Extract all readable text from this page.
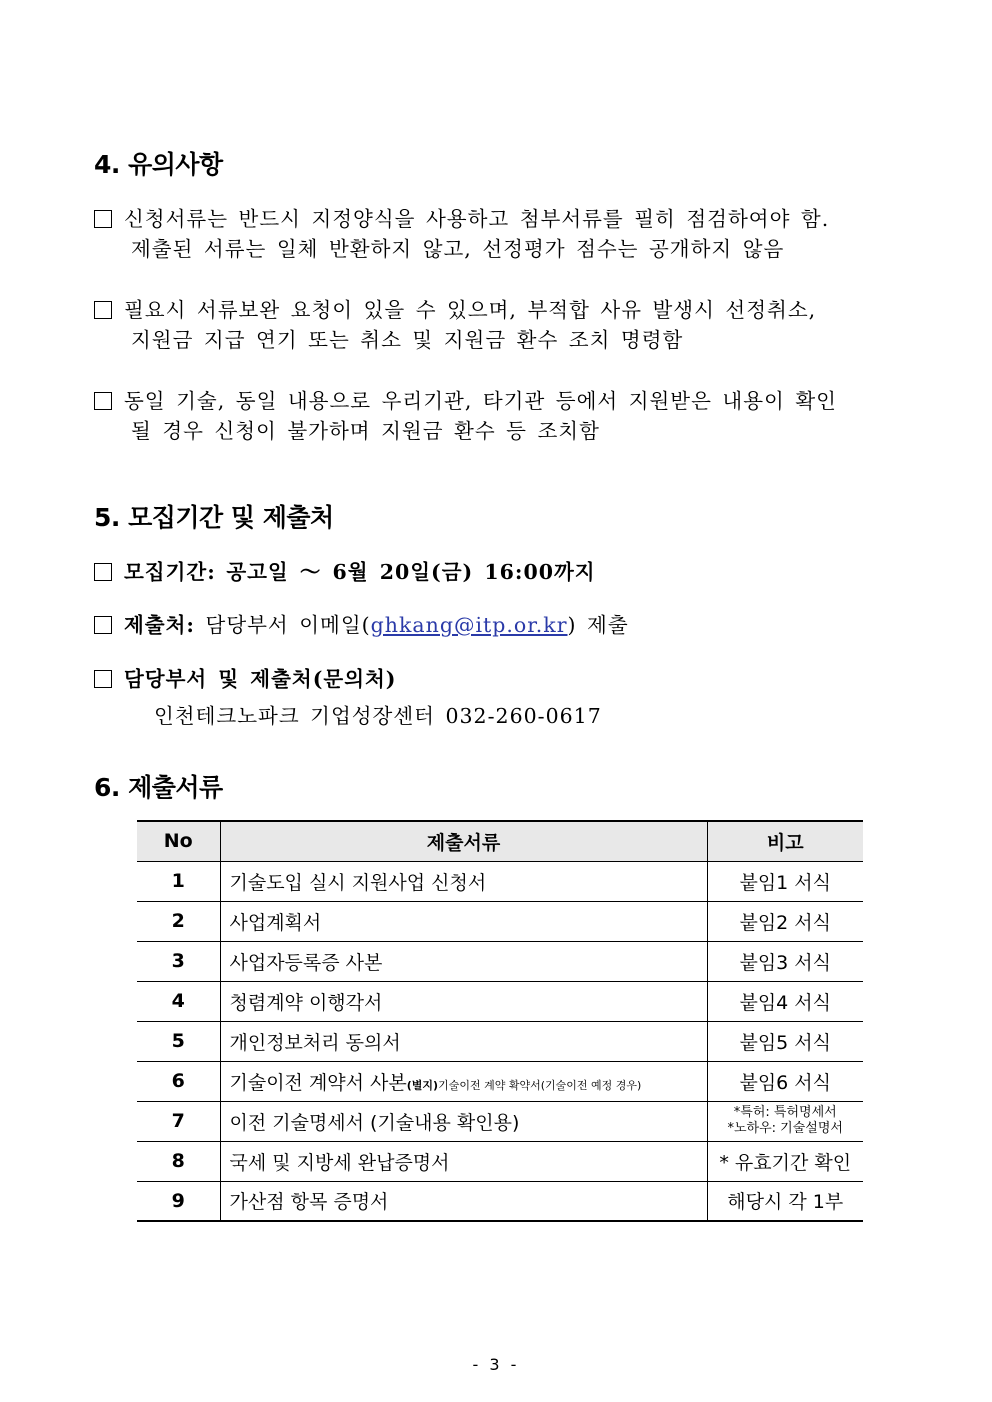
4. 유의사항
신청서류는 반드시 지정양식을 사용하고 첨부서류를 필히 점검하여야 함.
제출된 서류는 일체 반환하지 않고, 선정평가 점수는 공개하지 않음
필요시 서류보완 요청이 있을 수 있으며, 부적합 사유 발생시 선정취소,
지원금 지급 연기 또는 취소 및 지원금 환수 조치 명령함
동일 기술, 동일 내용으로 우리기관, 타기관 등에서 지원받은 내용이 확인
될 경우 신청이 불가하며 지원금 환수 등 조치함
5. 모집기간 및 제출처
모집기간: 공고일 ～ 6월 20일(금) 16:00까지
제출처: 담당부서 이메일(ghkang@itp.or.kr) 제출
담당부서 및 제출처(문의처)
인천테크노파크 기업성장센터 032-260-0617
6. 제출서류
No	제출서류	비고
1	기술도입 실시 지원사업 신청서	붙임1 서식
2	사업계획서	붙임2 서식
3	사업자등록증 사본	붙임3 서식
4	청렴계약 이행각서	붙임4 서식
5	개인정보처리 동의서	붙임5 서식
6	기술이전 계약서 사본(별지)기술이전 계약 확약서(기술이전 예정 경우)	붙임6 서식
7	이전 기술명세서 (기술내용 확인용)	*특허: 특허명세서
*노하우: 기술설명서

8	국세 및 지방세 완납증명서	* 유효기간 확인
9	가산점 항목 증명서	해당시 각 1부
- 3 -
